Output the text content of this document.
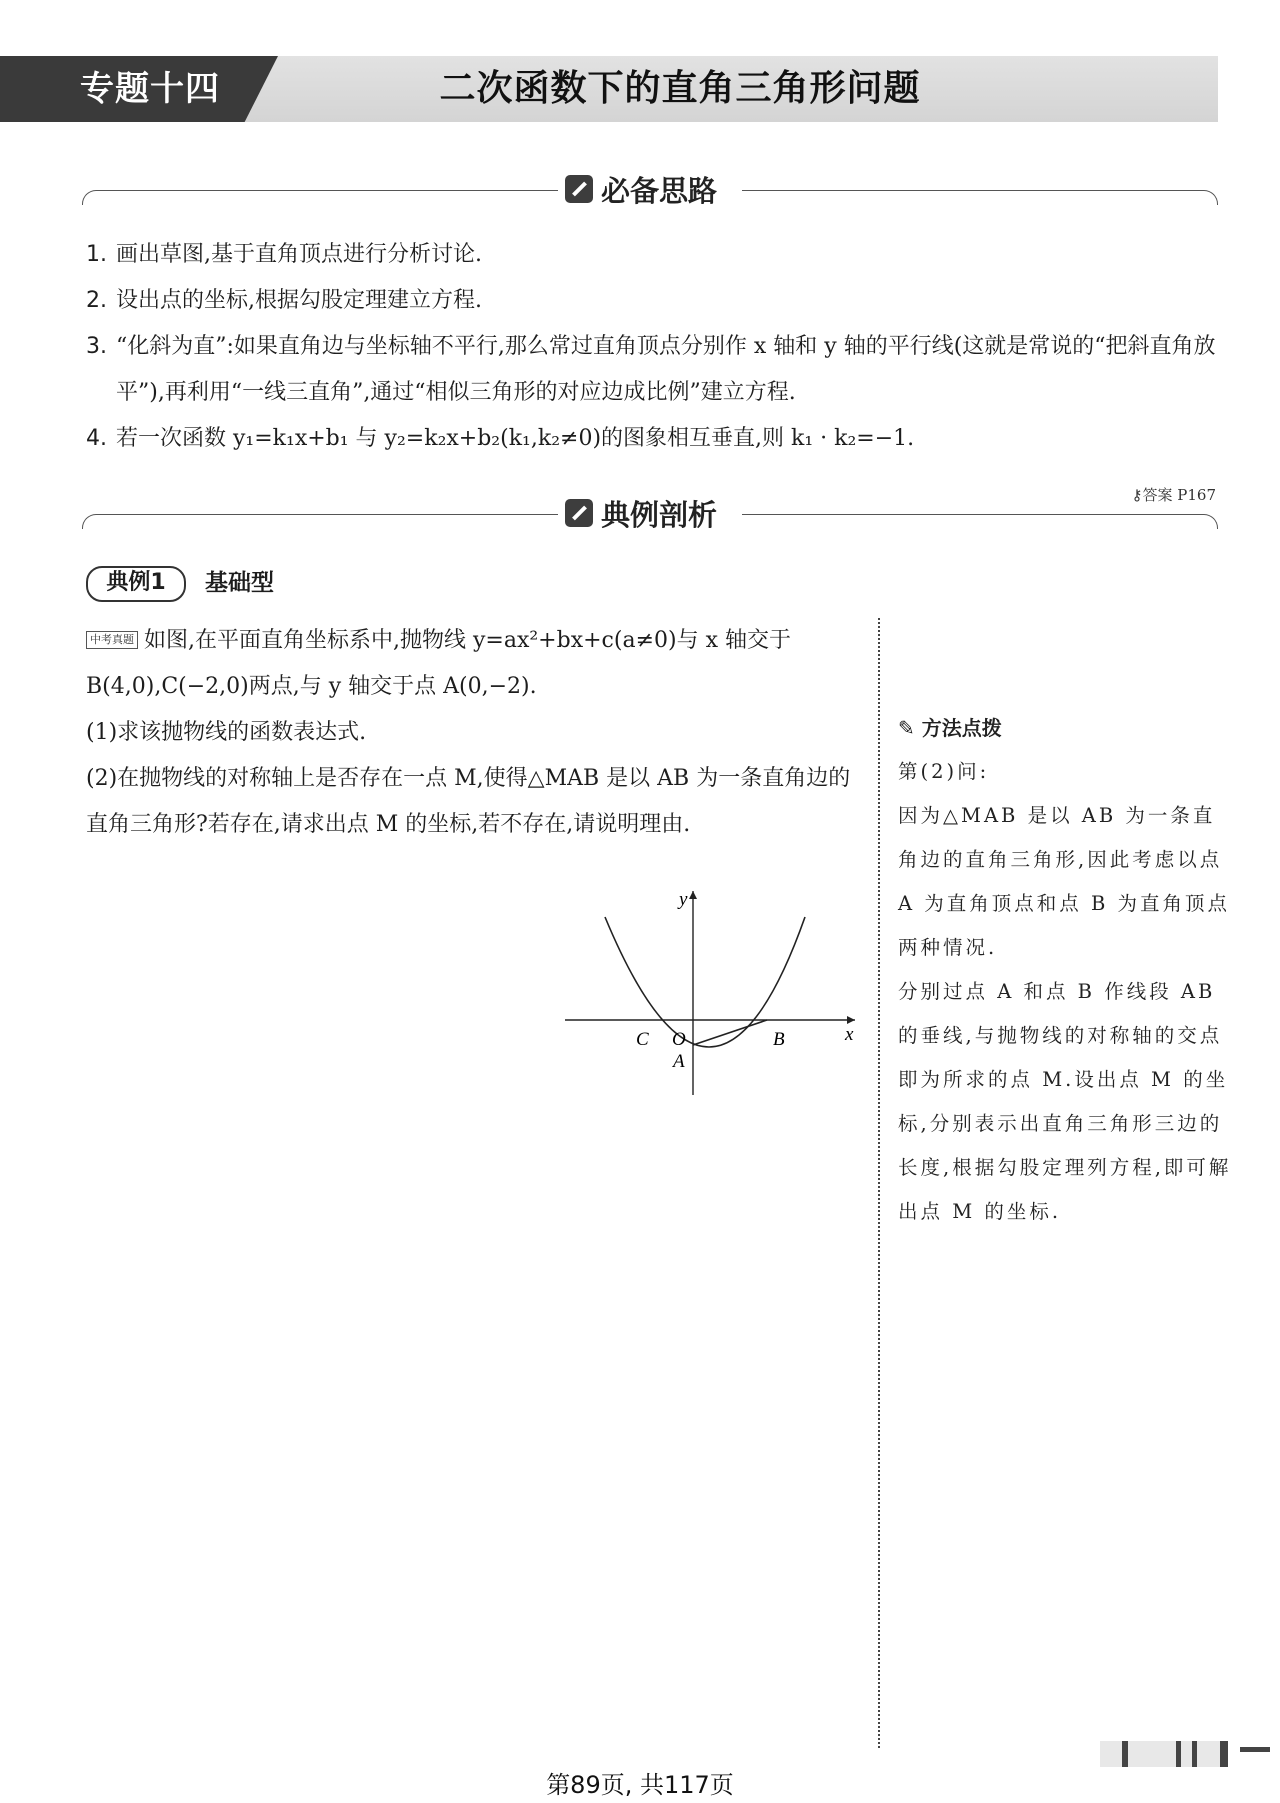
专题十四	二次函数下的直角三角形问题
必备思路
1. 画出草图,基于直角顶点进行分析讨论.
2. 设出点的坐标,根据勾股定理建立方程.
3. “化斜为直”:如果直角边与坐标轴不平行,那么常过直角顶点分别作 x 轴和 y 轴的平行线(这就是常说的“把斜直角放平”),再利用“一线三直角”,通过“相似三角形的对应边成比例”建立方程.
4. 若一次函数 y₁=k₁x+b₁ 与 y₂=k₂x+b₂(k₁,k₂≠0)的图象相互垂直,则 k₁ · k₂=−1.
⚷答案 P167
典例剖析
典例1	基础型
中考真题 如图,在平面直角坐标系中,抛物线 y=ax²+bx+c(a≠0)与 x 轴交于 B(4,0),C(−2,0)两点,与 y 轴交于点 A(0,−2).
(1)求该抛物线的函数表达式.
(2)在抛物线的对称轴上是否存在一点 M,使得△MAB 是以 AB 为一条直角边的直角三角形?若存在,请求出点 M 的坐标,若不存在,请说明理由.
y
x
O
C	B
A
✎ 方法点拨
第(2)问:
因为△MAB 是以 AB 为一条直角边的直角三角形,因此考虑以点 A 为直角顶点和点 B 为直角顶点两种情况.
分别过点 A 和点 B 作线段 AB 的垂线,与抛物线的对称轴的交点即为所求的点 M.设出点 M 的坐标,分别表示出直角三角形三边的长度,根据勾股定理列方程,即可解出点 M 的坐标.
第89页, 共117页
